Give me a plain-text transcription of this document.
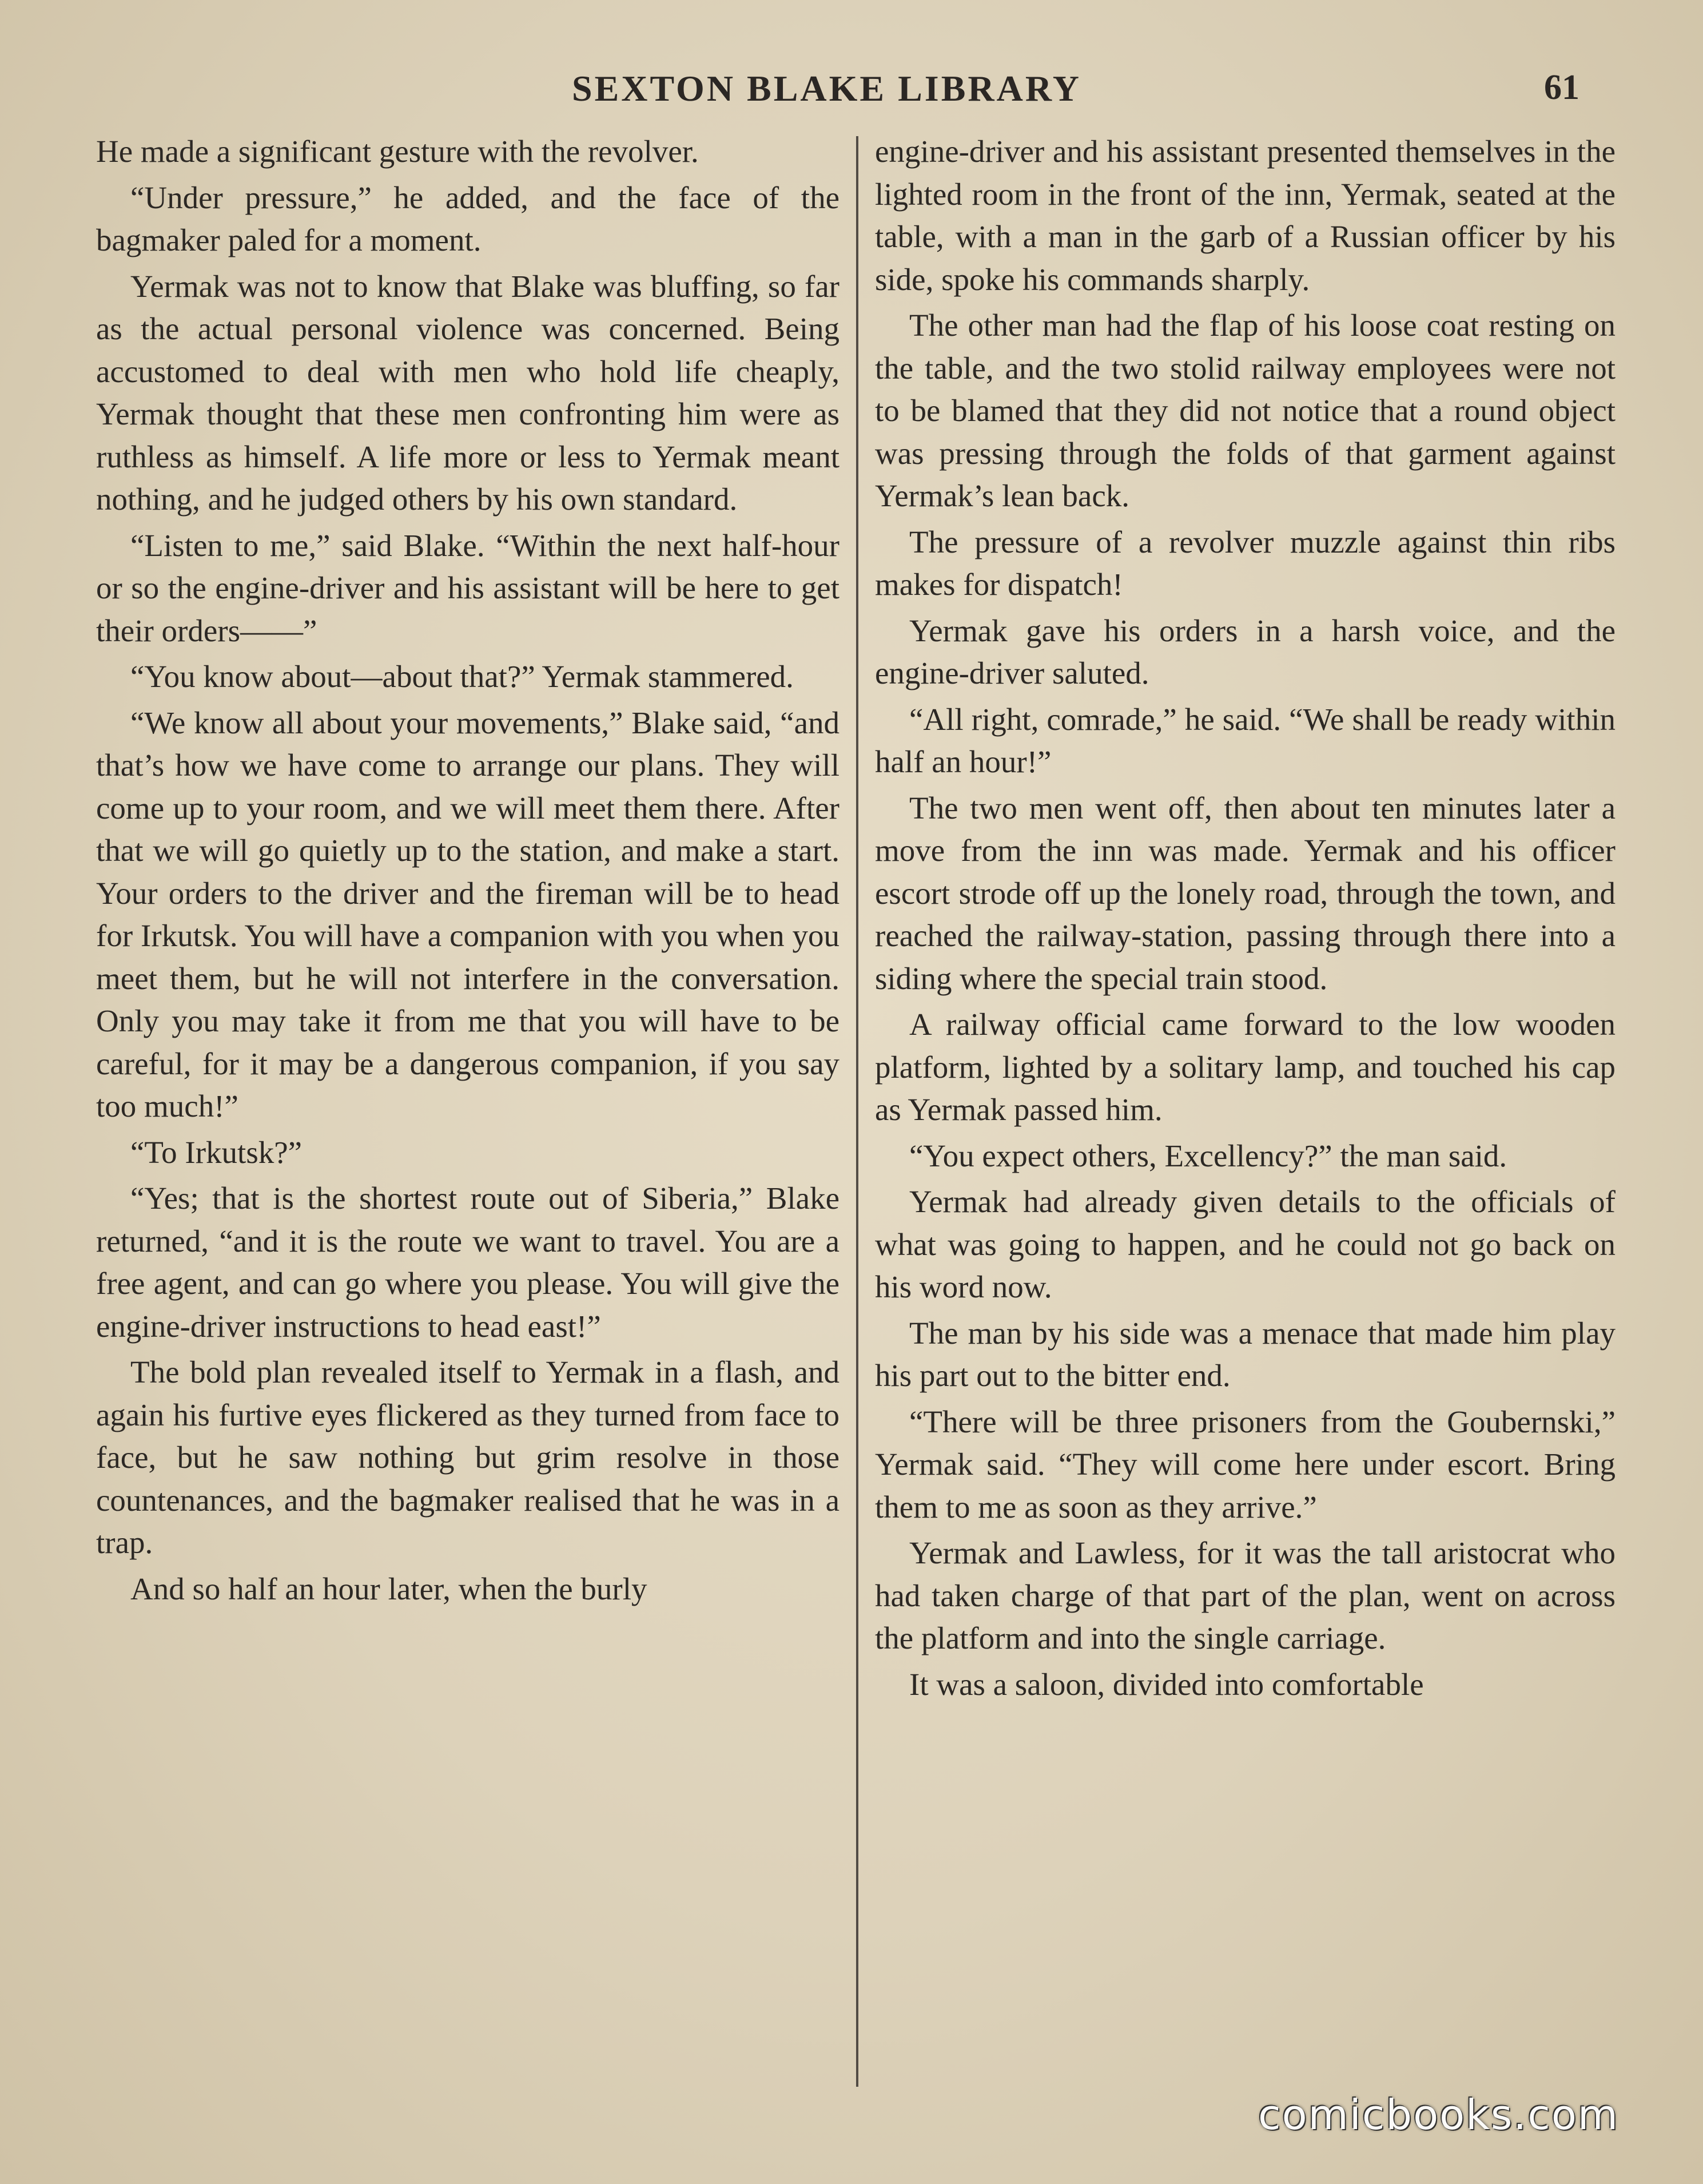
SEXTON BLAKE LIBRARY	61

He made a significant gesture with the revolver.

“Under pressure,” he added, and the face of the bagmaker paled for a moment.

Yermak was not to know that Blake was bluffing, so far as the actual personal violence was concerned. Being accustomed to deal with men who hold life cheaply, Yermak thought that these men confronting him were as ruthless as himself. A life more or less to Yermak meant nothing, and he judged others by his own standard.

“Listen to me,” said Blake. “Within the next half-hour or so the engine-driver and his assistant will be here to get their orders——”

“You know about—about that?” Yermak stammered.

“We know all about your movements,” Blake said, “and that’s how we have come to arrange our plans. They will come up to your room, and we will meet them there. After that we will go quietly up to the station, and make a start. Your orders to the driver and the fireman will be to head for Irkutsk. You will have a companion with you when you meet them, but he will not interfere in the conversation. Only you may take it from me that you will have to be careful, for it may be a dangerous companion, if you say too much!”

“To Irkutsk?”

“Yes; that is the shortest route out of Siberia,” Blake returned, “and it is the route we want to travel. You are a free agent, and can go where you please. You will give the engine-driver instructions to head east!”

The bold plan revealed itself to Yermak in a flash, and again his furtive eyes flickered as they turned from face to face, but he saw nothing but grim resolve in those countenances, and the bagmaker realised that he was in a trap.

And so half an hour later, when the burly

engine-driver and his assistant presented themselves in the lighted room in the front of the inn, Yermak, seated at the table, with a man in the garb of a Russian officer by his side, spoke his commands sharply.

The other man had the flap of his loose coat resting on the table, and the two stolid railway employees were not to be blamed that they did not notice that a round object was pressing through the folds of that garment against Yermak’s lean back.

The pressure of a revolver muzzle against thin ribs makes for dispatch!

Yermak gave his orders in a harsh voice, and the engine-driver saluted.

“All right, comrade,” he said. “We shall be ready within half an hour!”

The two men went off, then about ten minutes later a move from the inn was made. Yermak and his officer escort strode off up the lonely road, through the town, and reached the railway-station, passing through there into a siding where the special train stood.

A railway official came forward to the low wooden platform, lighted by a solitary lamp, and touched his cap as Yermak passed him.

“You expect others, Excellency?” the man said.

Yermak had already given details to the officials of what was going to happen, and he could not go back on his word now.

The man by his side was a menace that made him play his part out to the bitter end.

“There will be three prisoners from the Goubernski,” Yermak said. “They will come here under escort. Bring them to me as soon as they arrive.”

Yermak and Lawless, for it was the tall aristocrat who had taken charge of that part of the plan, went on across the platform and into the single carriage.

It was a saloon, divided into comfortable

comicbooks.com
